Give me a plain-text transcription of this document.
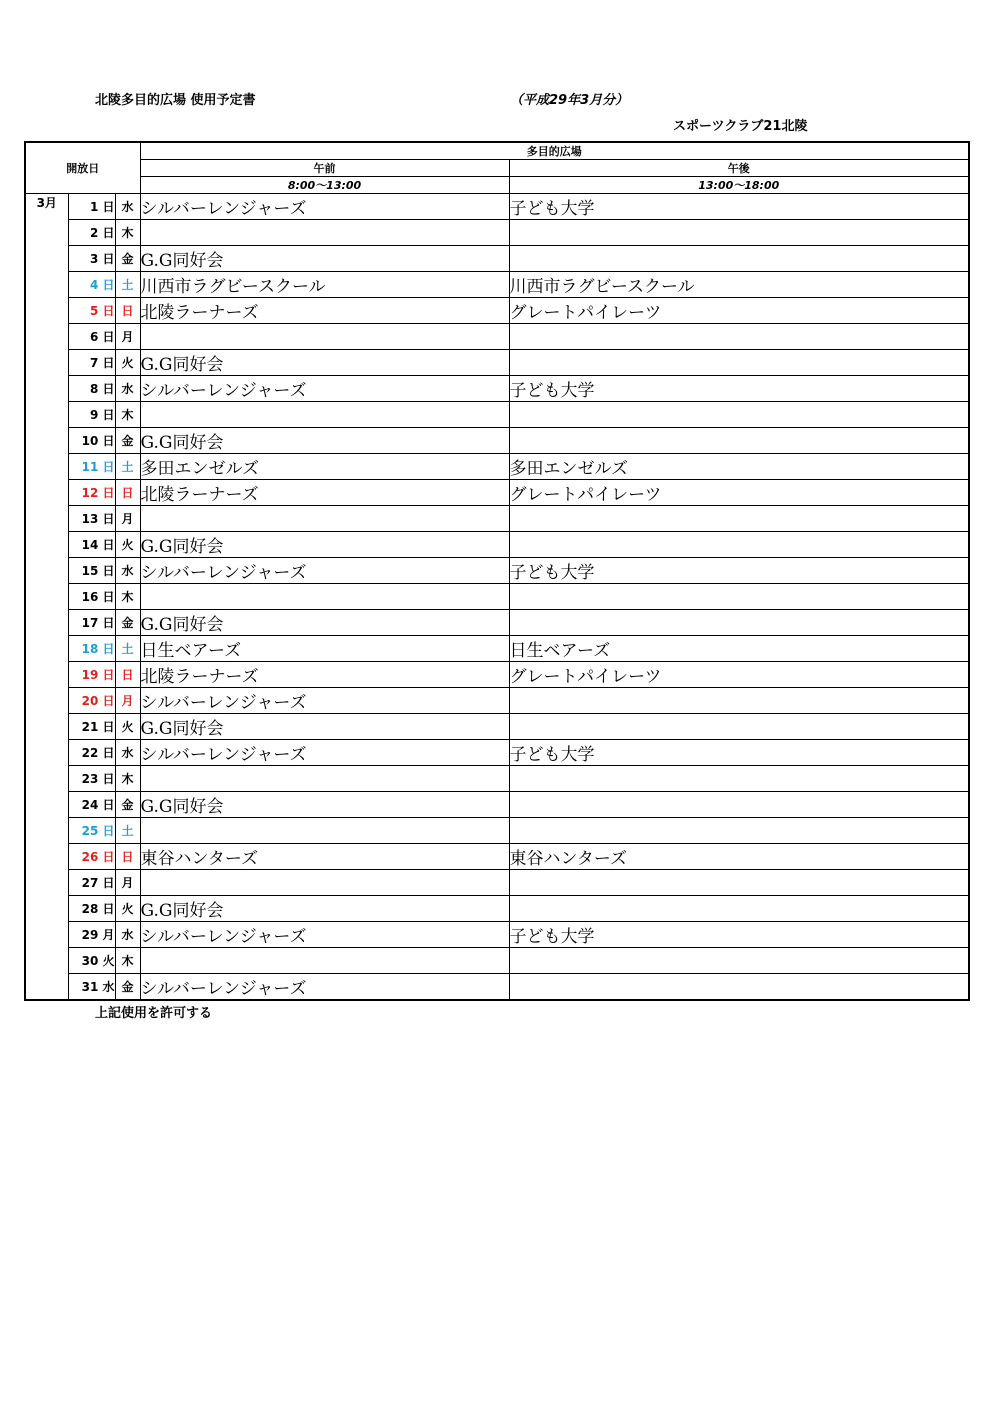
北陵多目的広場 使用予定書	（平成29年3月分）
スポーツクラブ21北陵
開放日			多目的広場	
			午前	午後
			8:00～13:00	13:00～18:00
3月	1 日	水	シルバーレンジャーズ	子ども大学
	2 日	木		
	3 日	金	G.G同好会	
	4 日	土	川西市ラグビースクール	川西市ラグビースクール
	5 日	日	北陵ラーナーズ	グレートパイレーツ
	6 日	月		
	7 日	火	G.G同好会	
	8 日	水	シルバーレンジャーズ	子ども大学
	9 日	木		
	10 日	金	G.G同好会	
	11 日	土	多田エンゼルズ	多田エンゼルズ
	12 日	日	北陵ラーナーズ	グレートパイレーツ
	13 日	月		
	14 日	火	G.G同好会	
	15 日	水	シルバーレンジャーズ	子ども大学
	16 日	木		
	17 日	金	G.G同好会	
	18 日	土	日生ベアーズ	日生ベアーズ
	19 日	日	北陵ラーナーズ	グレートパイレーツ
	20 日	月	シルバーレンジャーズ	
	21 日	火	G.G同好会	
	22 日	水	シルバーレンジャーズ	子ども大学
	23 日	木		
	24 日	金	G.G同好会	
	25 日	土		
	26 日	日	東谷ハンターズ	東谷ハンターズ
	27 日	月		
	28 日	火	G.G同好会	
	29 月	水	シルバーレンジャーズ	子ども大学
	30 火	木		
	31 水	金	シルバーレンジャーズ	
上記使用を許可する
